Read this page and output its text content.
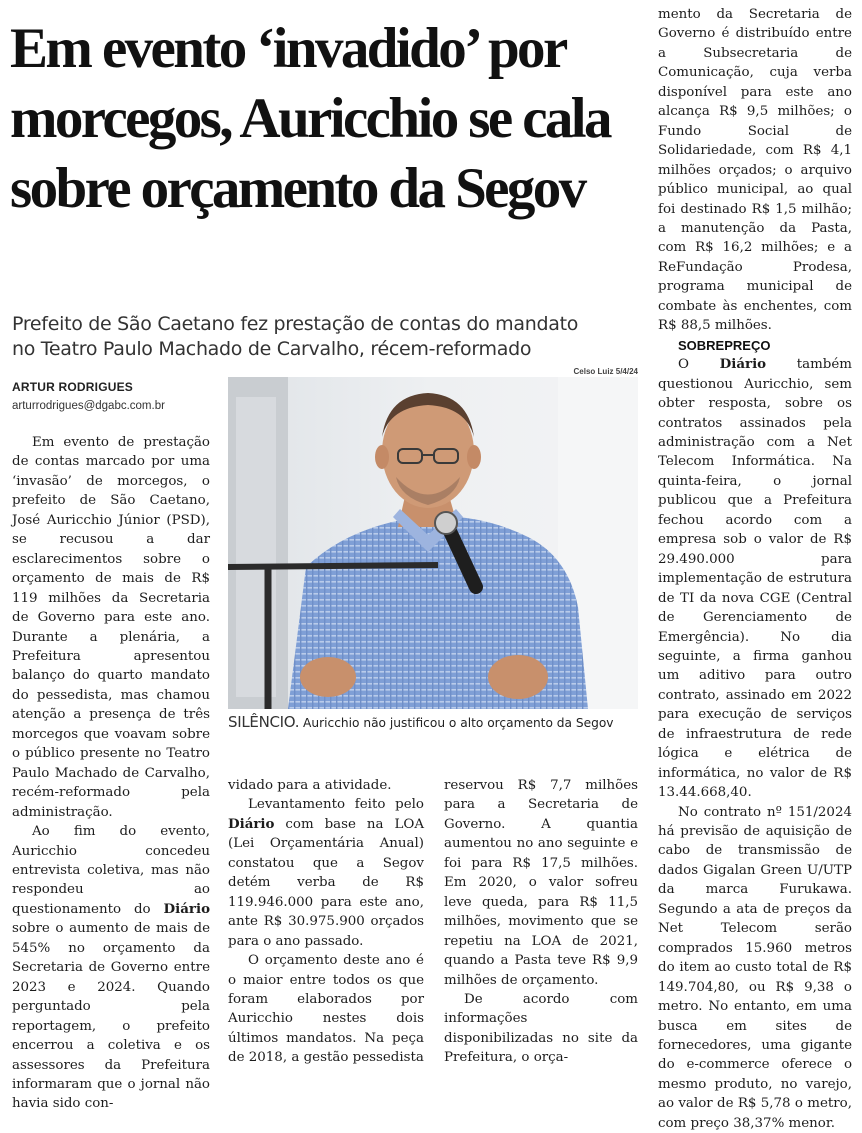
Em evento ‘invadido’ por
morcegos, Auricchio se cala
sobre orçamento da Segov
Prefeito de São Caetano fez prestação de contas do mandato
no Teatro Paulo Machado de Carvalho, récem-reformado
ARTUR RODRIGUES
arturrodrigues@dgabc.com.br
Celso Luiz 5/4/24
SILÊNCIO. Auricchio não justificou o alto orçamento da Segov

Em evento de prestação de contas marcado por uma ‘invasão’ de morcegos, o prefeito de São Caetano, José Auricchio Júnior (PSD), se recusou a dar esclarecimentos sobre o orçamento de mais de R$ 119 milhões da Secretaria de Governo para este ano. Durante a plenária, a Prefeitura apresentou balanço do quarto mandato do pessedista, mas chamou atenção a presença de três morcegos que voavam sobre o público presente no Teatro Paulo Machado de Carvalho, recém-reformado pela administração.

Ao fim do evento, Auricchio concedeu entrevista coletiva, mas não respondeu ao questionamento do Diário sobre o aumento de mais de 545% no orçamento da Secretaria de Governo entre 2023 e 2024. Quando perguntado pela reportagem, o prefeito encerrou a coletiva e os assessores da Prefeitura informaram que o jornal não havia sido con-

vidado para a atividade.

Levantamento feito pelo Diário com base na LOA (Lei Orçamentária Anual) constatou que a Segov detém verba de R$ 119.946.000 para este ano, ante R$ 30.975.900 orçados para o ano passado.

O orçamento deste ano é o maior entre todos os que foram elaborados por Auricchio nestes dois últimos mandatos. Na peça de 2018, a gestão pessedista

reservou R$ 7,7 milhões para a Secretaria de Governo. A quantia aumentou no ano seguinte e foi para R$ 17,5 milhões. Em 2020, o valor sofreu leve queda, para R$ 11,5 milhões, movimento que se repetiu na LOA de 2021, quando a Pasta teve R$ 9,9 milhões de orçamento.

De acordo com informações disponibilizadas no site da Prefeitura, o orça-

mento da Secretaria de Governo é distribuído entre a Subsecretaria de Comunicação, cuja verba disponível para este ano alcança R$ 9,5 milhões; o Fundo Social de Solidariedade, com R$ 4,1 milhões orçados; o arquivo público municipal, ao qual foi destinado R$ 1,5 milhão; a manutenção da Pasta, com R$ 16,2 milhões; e a ReFundação Prodesa, programa municipal de combate às enchentes, com R$ 88,5 milhões.

SOBREPREÇO

O Diário também questionou Auricchio, sem obter resposta, sobre os contratos assinados pela administração com a Net Telecom Informática. Na quinta-feira, o jornal publicou que a Prefeitura fechou acordo com a empresa sob o valor de R$ 29.490.000 para implementação de estrutura de TI da nova CGE (Central de Gerenciamento de Emergência). No dia seguinte, a firma ganhou um aditivo para outro contrato, assinado em 2022 para execução de serviços de infraestrutura de rede lógica e elétrica de informática, no valor de R$ 13.44.668,40.

No contrato nº 151/2024 há previsão de aquisição de cabo de transmissão de dados Gigalan Green U/UTP da marca Furukawa. Segundo a ata de preços da Net Telecom serão comprados 15.960 metros do item ao custo total de R$ 149.704,80, ou R$ 9,38 o metro. No entanto, em uma busca em sites de fornecedores, uma gigante do e-commerce oferece o mesmo produto, no varejo, ao valor de R$ 5,78 o metro, com preço 38,37% menor.
